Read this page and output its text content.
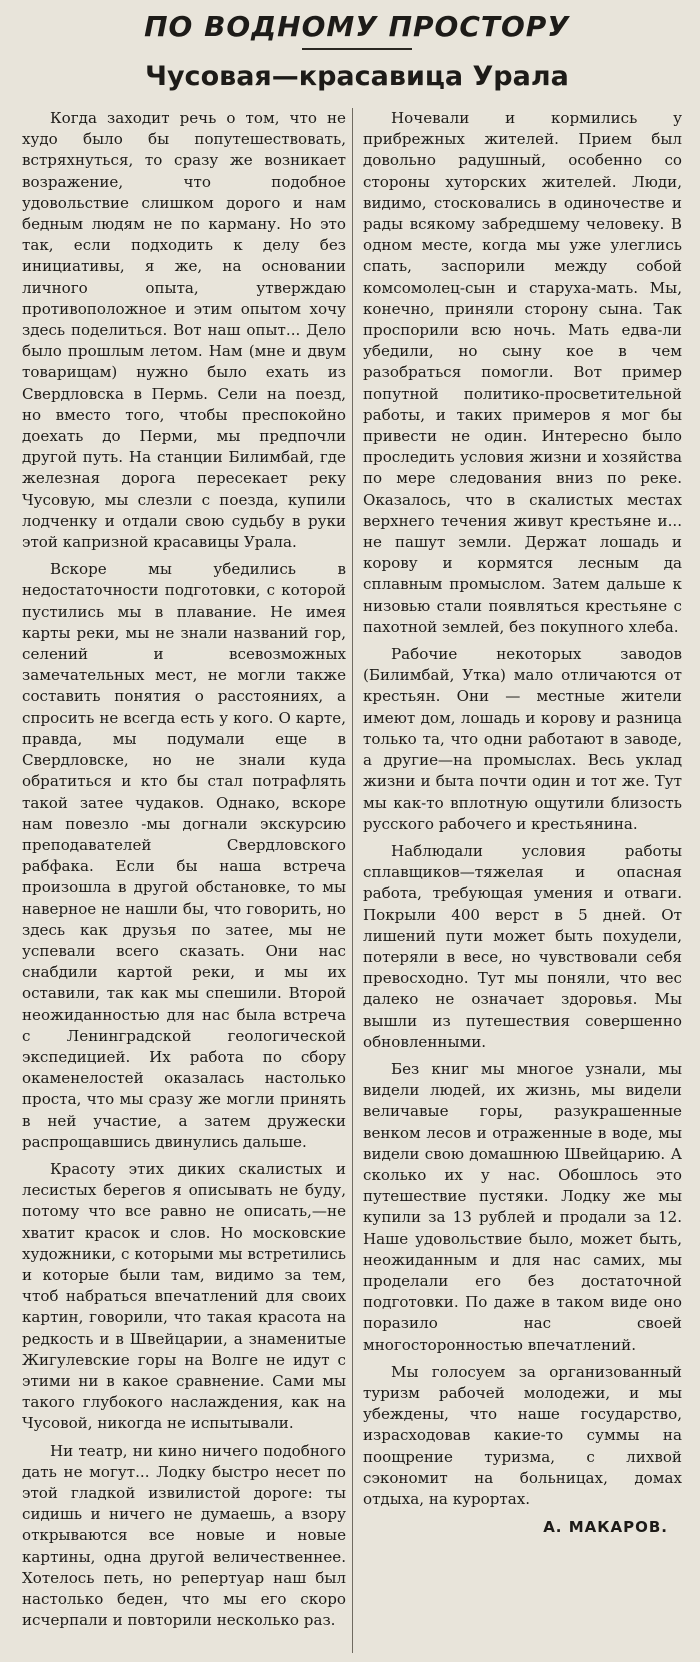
ПО ВОДНОМУ ПРОСТОРУ
Чусовая—красавица Урала

Когда заходит речь о том, что не худо было бы попутешествовать, встряхнуться, то сразу же возникает возражение, что подобное удовольствие слишком дорого и нам бедным людям не по карману. Но это так, если подходить к делу без инициативы, я же, на основании личного опыта, утверждаю противоположное и этим опытом хочу здесь поделиться. Вот наш опыт... Дело было прошлым летом. Нам (мне и двум товарищам) нужно было ехать из Свердловска в Пермь. Сели на поезд, но вместо того, чтобы преспокойно доехать до Перми, мы предпочли другой путь. На станции Билимбай, где железная дорога пересекает реку Чусовую, мы слезли с поезда, купили лодченку и отдали свою судьбу в руки этой капризной красавицы Урала.

Вскоре мы убедились в недостаточности подготовки, с которой пустились мы в плавание. Не имея карты реки, мы не знали названий гор, селений и всевозможных замечательных мест, не могли также составить понятия о расстояниях, а спросить не всегда есть у кого. О карте, правда, мы подумали еще в Свердловске, но не знали куда обратиться и кто бы стал потрафлять такой затее чудаков. Однако, вскоре нам повезло -мы догнали экскурсию преподавателей Свердловского рабфака. Если бы наша встреча произошла в другой обстановке, то мы наверное не нашли бы, что говорить, но здесь как друзья по затее, мы не успевали всего сказать. Они нас снабдили картой реки, и мы их оставили, так как мы спешили. Второй неожиданностью для нас была встреча с Ленинградской геологической экспедицией. Их работа по сбору окаменелостей оказалась настолько проста, что мы сразу же могли принять в ней участие, а затем дружески распрощавшись двинулись дальше.

Красоту этих диких скалистых и лесистых берегов я описывать не буду, потому что все равно не описать,—не хватит красок и слов. Но московские художники, с которыми мы встретились и которые были там, видимо за тем, чтоб набраться впечатлений для своих картин, говорили, что такая красота на редкость и в Швейцарии, а знаменитые Жигулевские горы на Волге не идут с этими ни в какое сравнение. Сами мы такого глубокого наслаждения, как на Чусовой, никогда не испытывали.

Ни театр, ни кино ничего подобного дать не могут... Лодку быстро несет по этой гладкой извилистой дороге: ты сидишь и ничего не думаешь, а взору открываются все новые и новые картины, одна другой величественнее. Хотелось петь, но репертуар наш был настолько беден, что мы его скоро исчерпали и повторили несколько раз.

Ночевали и кормились у прибрежных жителей. Прием был довольно радушный, особенно со стороны хуторских жителей. Люди, видимо, стосковались в одиночестве и рады всякому забредшему человеку. В одном месте, когда мы уже улеглись спать, заспорили между собой комсомолец-сын и старуха-мать. Мы, конечно, приняли сторону сына. Так проспорили всю ночь. Мать едва-ли убедили, но сыну кое в чем разобраться помогли. Вот пример попутной политико-просветительной работы, и таких примеров я мог бы привести не один. Интересно было проследить условия жизни и хозяйства по мере следования вниз по реке. Оказалось, что в скалистых местах верхнего течения живут крестьяне и... не пашут земли. Держат лошадь и корову и кормятся лесным да сплавным промыслом. Затем дальше к низовью стали появляться крестьяне с пахотной землей, без покупного хлеба.

Рабочие некоторых заводов (Билимбай, Утка) мало отличаются от крестьян. Они — местные жители имеют дом, лошадь и корову и разница только та, что одни работают в заводе, а другие—на промыслах. Весь уклад жизни и быта почти один и тот же. Тут мы как-то вплотную ощутили близость русского рабочего и крестьянина.

Наблюдали условия работы сплавщиков—тяжелая и опасная работа, требующая умения и отваги. Покрыли 400 верст в 5 дней. От лишений пути может быть похудели, потеряли в весе, но чувствовали себя превосходно. Тут мы поняли, что вес далеко не означает здоровья. Мы вышли из путешествия совершенно обновленными.

Без книг мы многое узнали, мы видели людей, их жизнь, мы видели величавые горы, разукрашенные венком лесов и отраженные в воде, мы видели свою домашнюю Швейцарию. А сколько их у нас. Обошлось это путешествие пустяки. Лодку же мы купили за 13 рублей и продали за 12. Наше удовольствие было, может быть, неожиданным и для нас самих, мы проделали его без достаточной подготовки. По даже в таком виде оно поразило нас своей многосторонностью впечатлений.

Мы голосуем за организованный туризм рабочей молодежи, и мы убеждены, что наше государство, израсходовав какие-то суммы на поощрение туризма, с лихвой сэкономит на больницах, домах отдыха, на курортах.

А. МАКАРОВ.
